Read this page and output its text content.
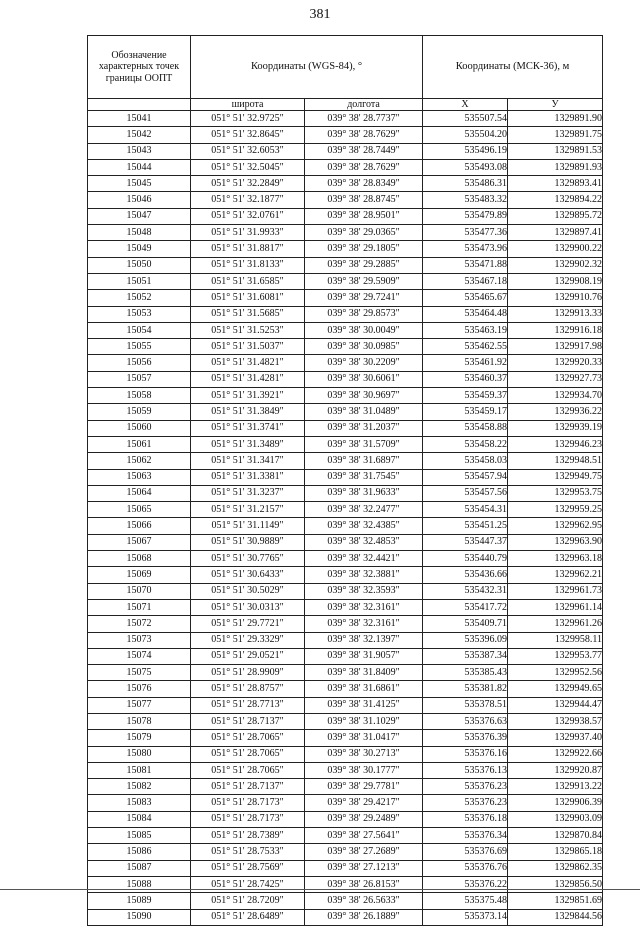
381
Обозначение характерных точек границы ООПТ	Координаты (WGS-84), °		Координаты (МСК-36), м	
	широта	долгота	X	У
15041	051° 51' 32.9725"	039° 38' 28.7737"	535507.54	1329891.90
15042	051° 51' 32.8645"	039° 38' 28.7629"	535504.20	1329891.75
15043	051° 51' 32.6053"	039° 38' 28.7449"	535496.19	1329891.53
15044	051° 51' 32.5045"	039° 38' 28.7629"	535493.08	1329891.93
15045	051° 51' 32.2849"	039° 38' 28.8349"	535486.31	1329893.41
15046	051° 51' 32.1877"	039° 38' 28.8745"	535483.32	1329894.22
15047	051° 51' 32.0761"	039° 38' 28.9501"	535479.89	1329895.72
15048	051° 51' 31.9933"	039° 38' 29.0365"	535477.36	1329897.41
15049	051° 51' 31.8817"	039° 38' 29.1805"	535473.96	1329900.22
15050	051° 51' 31.8133"	039° 38' 29.2885"	535471.88	1329902.32
15051	051° 51' 31.6585"	039° 38' 29.5909"	535467.18	1329908.19
15052	051° 51' 31.6081"	039° 38' 29.7241"	535465.67	1329910.76
15053	051° 51' 31.5685"	039° 38' 29.8573"	535464.48	1329913.33
15054	051° 51' 31.5253"	039° 38' 30.0049"	535463.19	1329916.18
15055	051° 51' 31.5037"	039° 38' 30.0985"	535462.55	1329917.98
15056	051° 51' 31.4821"	039° 38' 30.2209"	535461.92	1329920.33
15057	051° 51' 31.4281"	039° 38' 30.6061"	535460.37	1329927.73
15058	051° 51' 31.3921"	039° 38' 30.9697"	535459.37	1329934.70
15059	051° 51' 31.3849"	039° 38' 31.0489"	535459.17	1329936.22
15060	051° 51' 31.3741"	039° 38' 31.2037"	535458.88	1329939.19
15061	051° 51' 31.3489"	039° 38' 31.5709"	535458.22	1329946.23
15062	051° 51' 31.3417"	039° 38' 31.6897"	535458.03	1329948.51
15063	051° 51' 31.3381"	039° 38' 31.7545"	535457.94	1329949.75
15064	051° 51' 31.3237"	039° 38' 31.9633"	535457.56	1329953.75
15065	051° 51' 31.2157"	039° 38' 32.2477"	535454.31	1329959.25
15066	051° 51' 31.1149"	039° 38' 32.4385"	535451.25	1329962.95
15067	051° 51' 30.9889"	039° 38' 32.4853"	535447.37	1329963.90
15068	051° 51' 30.7765"	039° 38' 32.4421"	535440.79	1329963.18
15069	051° 51' 30.6433"	039° 38' 32.3881"	535436.66	1329962.21
15070	051° 51' 30.5029"	039° 38' 32.3593"	535432.31	1329961.73
15071	051° 51' 30.0313"	039° 38' 32.3161"	535417.72	1329961.14
15072	051° 51' 29.7721"	039° 38' 32.3161"	535409.71	1329961.26
15073	051° 51' 29.3329"	039° 38' 32.1397"	535396.09	1329958.11
15074	051° 51' 29.0521"	039° 38' 31.9057"	535387.34	1329953.77
15075	051° 51' 28.9909"	039° 38' 31.8409"	535385.43	1329952.56
15076	051° 51' 28.8757"	039° 38' 31.6861"	535381.82	1329949.65
15077	051° 51' 28.7713"	039° 38' 31.4125"	535378.51	1329944.47
15078	051° 51' 28.7137"	039° 38' 31.1029"	535376.63	1329938.57
15079	051° 51' 28.7065"	039° 38' 31.0417"	535376.39	1329937.40
15080	051° 51' 28.7065"	039° 38' 30.2713"	535376.16	1329922.66
15081	051° 51' 28.7065"	039° 38' 30.1777"	535376.13	1329920.87
15082	051° 51' 28.7137"	039° 38' 29.7781"	535376.23	1329913.22
15083	051° 51' 28.7173"	039° 38' 29.4217"	535376.23	1329906.39
15084	051° 51' 28.7173"	039° 38' 29.2489"	535376.18	1329903.09
15085	051° 51' 28.7389"	039° 38' 27.5641"	535376.34	1329870.84
15086	051° 51' 28.7533"	039° 38' 27.2689"	535376.69	1329865.18
15087	051° 51' 28.7569"	039° 38' 27.1213"	535376.76	1329862.35
15088	051° 51' 28.7425"	039° 38' 26.8153"	535376.22	1329856.50
15089	051° 51' 28.7209"	039° 38' 26.5633"	535375.48	1329851.69
15090	051° 51' 28.6489"	039° 38' 26.1889"	535373.14	1329844.56
